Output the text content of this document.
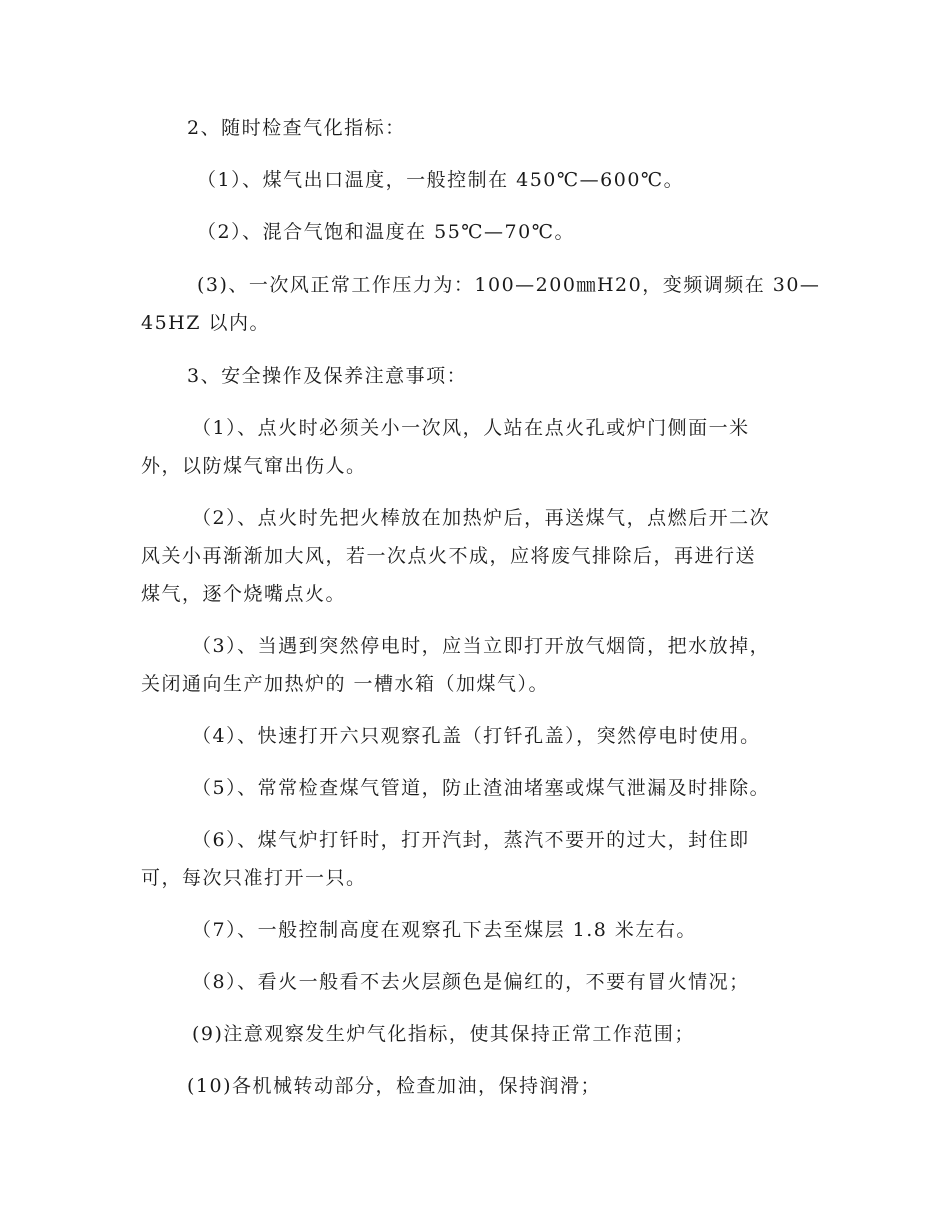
2、随时检查气化指标：
（1）、煤气出口温度，一般控制在 450℃—600℃。
（2）、混合气饱和温度在 55℃—70℃。
(3)、一次风正常工作压力为：100—200㎜H20，变频调频在 30—
45HZ 以内。
3、安全操作及保养注意事项：
（1）、点火时必须关小一次风，人站在点火孔或炉门侧面一米
外，以防煤气窜出伤人。
（2）、点火时先把火棒放在加热炉后，再送煤气，点燃后开二次
风关小再渐渐加大风，若一次点火不成，应将废气排除后，再进行送
煤气，逐个烧嘴点火。
（3）、当遇到突然停电时，应当立即打开放气烟筒，把水放掉，
关闭通向生产加热炉的 一槽水箱（加煤气）。
（4）、快速打开六只观察孔盖（打钎孔盖），突然停电时使用。
（5）、常常检查煤气管道，防止渣油堵塞或煤气泄漏及时排除。
（6）、煤气炉打钎时，打开汽封，蒸汽不要开的过大，封住即
可，每次只准打开一只。
（7）、一般控制高度在观察孔下去至煤层 1.8 米左右。
（8）、看火一般看不去火层颜色是偏红的，不要有冒火情况；
(9)注意观察发生炉气化指标，使其保持正常工作范围；
(10)各机械转动部分，检查加油，保持润滑；
